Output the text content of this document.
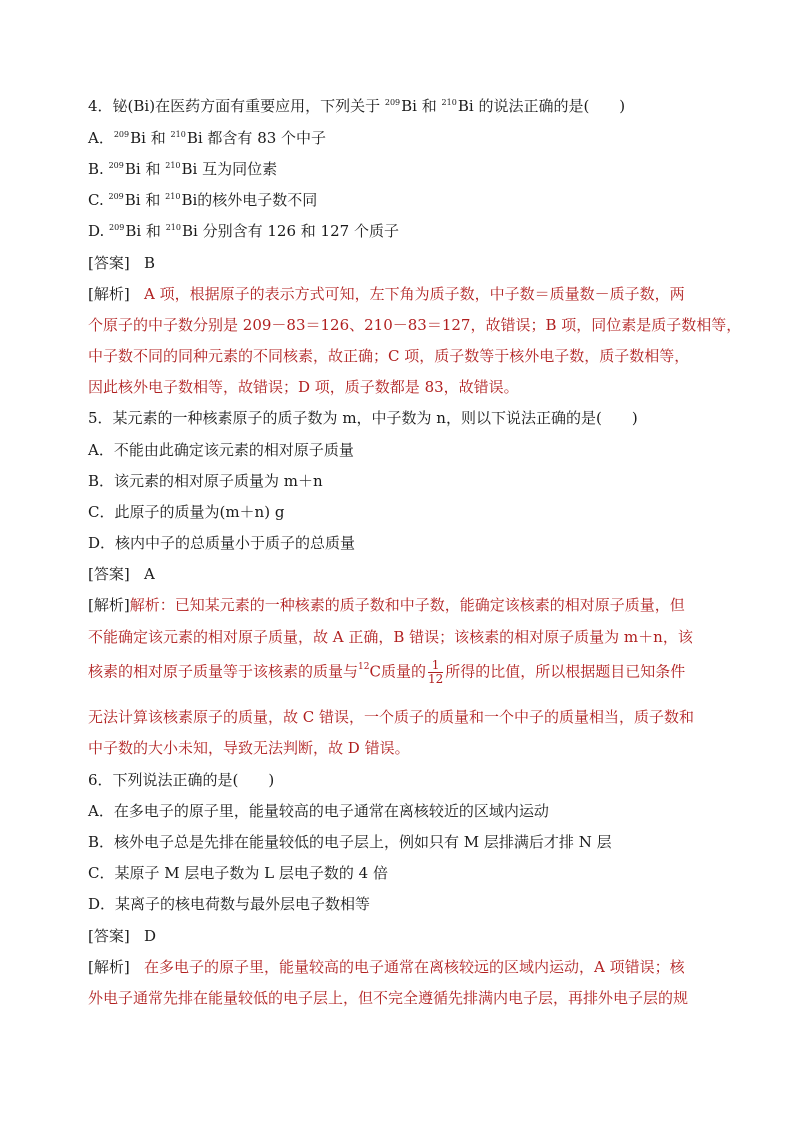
4．铋(Bi)在医药方面有重要应用，下列关于 $^{209}$Bi 和 $^{210}$Bi 的说法正确的是(　　)
A．$^{209}$Bi 和 $^{210}$Bi 都含有 83 个中子
B. $^{209}$Bi 和 $^{210}$Bi 互为同位素
C. $^{209}$Bi 和 $^{210}$Bi的核外电子数不同
D. $^{209}$Bi 和 $^{210}$Bi 分别含有 126 和 127 个质子
[答案] B
[解析] A 项，根据原子的表示方式可知，左下角为质子数，中子数＝质量数－质子数，两
个原子的中子数分别是 209－83＝126、210－83＝127，故错误；B 项，同位素是质子数相等，
中子数不同的同种元素的不同核素，故正确；C 项，质子数等于核外电子数，质子数相等，
因此核外电子数相等，故错误；D 项，质子数都是 83，故错误。
5．某元素的一种核素原子的质子数为 m，中子数为 n，则以下说法正确的是(　　)
A．不能由此确定该元素的相对原子质量
B．该元素的相对原子质量为 m＋n
C．此原子的质量为(m＋n) g
D．核内中子的总质量小于质子的总质量
[答案] A
[解析]解析：已知某元素的一种核素的质子数和中子数，能确定该核素的相对原子质量，但
不能确定该元素的相对原子质量，故 A 正确，B 错误；该核素的相对原子质量为 m＋n，该
核素的相对原子质量等于该核素的质量与$^{12}$C质量的 $\frac{1}{12}$ 所得的比值，所以根据题目已知条件
无法计算该核素原子的质量，故 C 错误，一个质子的质量和一个中子的质量相当，质子数和
中子数的大小未知，导致无法判断，故 D 错误。
6．下列说法正确的是(　　)
A．在多电子的原子里，能量较高的电子通常在离核较近的区域内运动
B．核外电子总是先排在能量较低的电子层上，例如只有 M 层排满后才排 N 层
C．某原子 M 层电子数为 L 层电子数的 4 倍
D．某离子的核电荷数与最外层电子数相等
[答案] D
[解析] 在多电子的原子里，能量较高的电子通常在离核较远的区域内运动，A 项错误；核
外电子通常先排在能量较低的电子层上，但不完全遵循先排满内电子层，再排外电子层的规
